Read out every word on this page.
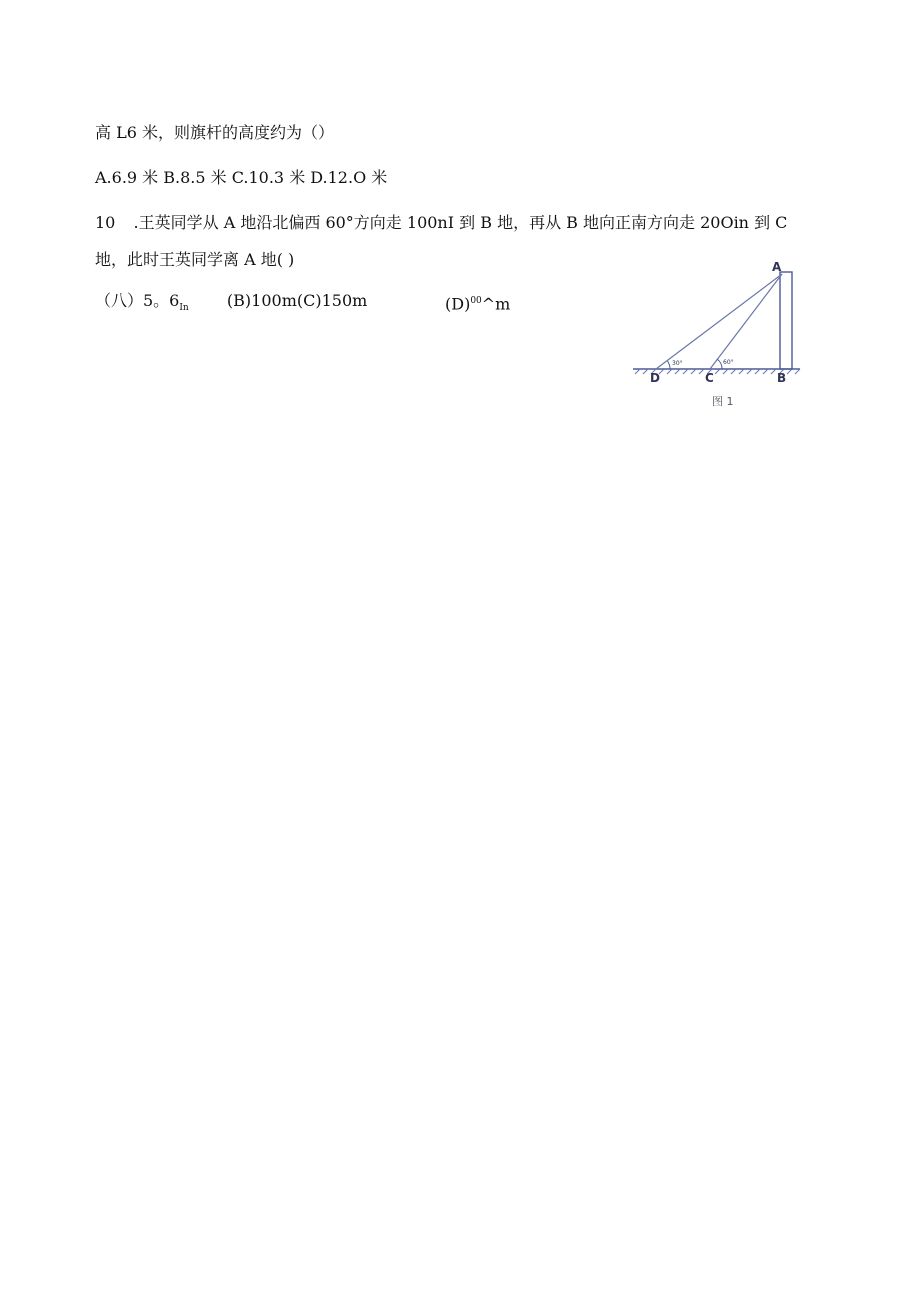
高 L6 米，则旗杆的高度约为（）
A.6.9 米 B.8.5 米 C.10.3 米 D.12.O 米
10 .王英同学从 A 地沿北偏西 60°方向走 100nI 到 B 地，再从 B 地向正南方向走 20Oin 到 C
地，此时王英同学离 A 地( )
（八）5。$6_{In}$ (B)100m(C)150m	$(D)^{00}\^{}m$
A
B
C
D
30°	60°
图 1
